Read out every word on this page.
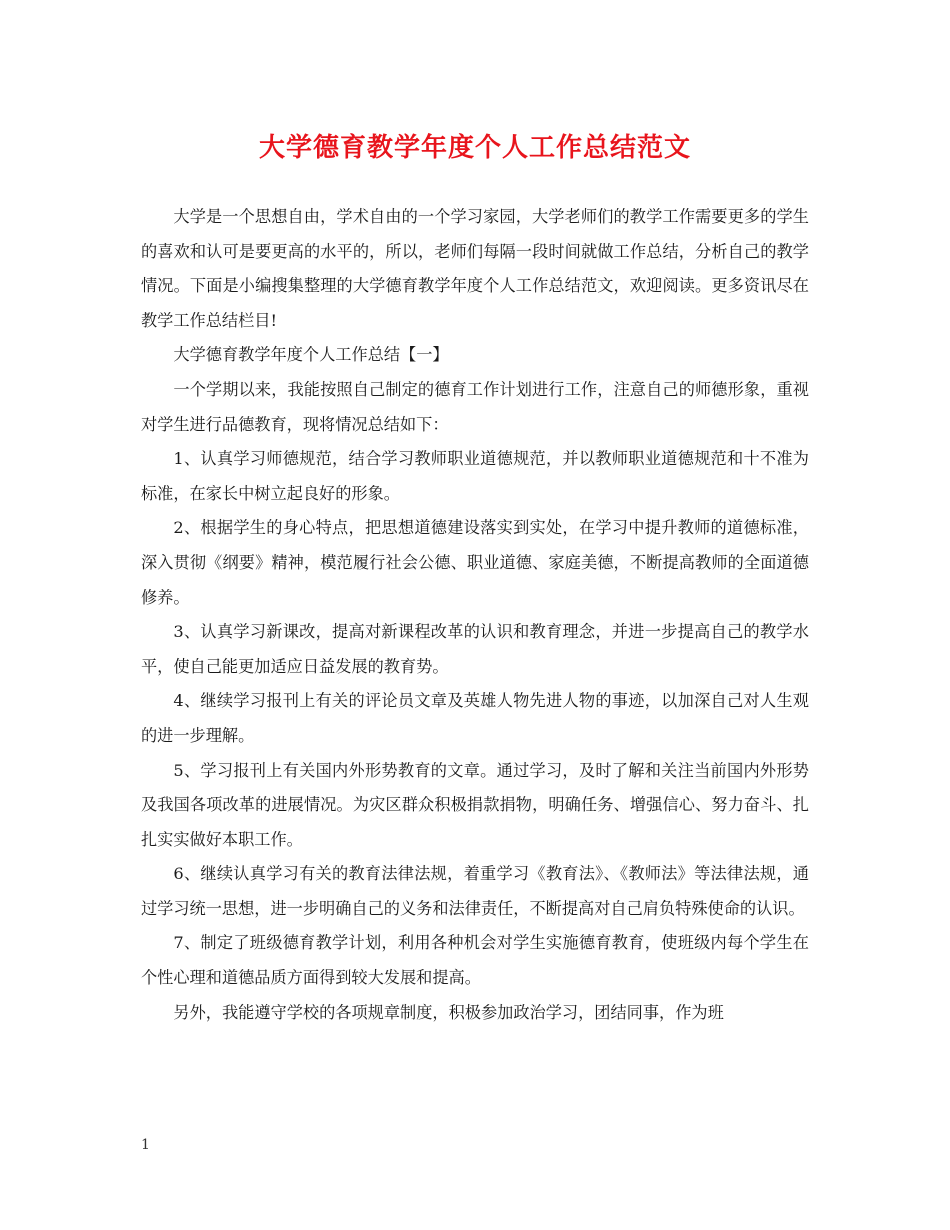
大学德育教学年度个人工作总结范文

大学是一个思想自由，学术自由的一个学习家园，大学老师们的教学工作需要更多的学生的喜欢和认可是要更高的水平的，所以，老师们每隔一段时间就做工作总结，分析自己的教学情况。下面是小编搜集整理的大学德育教学年度个人工作总结范文，欢迎阅读。更多资讯尽在教学工作总结栏目!

大学德育教学年度个人工作总结【一】

一个学期以来，我能按照自己制定的德育工作计划进行工作，注意自己的师德形象，重视对学生进行品德教育，现将情况总结如下：

1、认真学习师德规范，结合学习教师职业道德规范，并以教师职业道德规范和十不准为标准，在家长中树立起良好的形象。

2、根据学生的身心特点，把思想道德建设落实到实处，在学习中提升教师的道德标准，深入贯彻《纲要》精神，模范履行社会公德、职业道德、家庭美德，不断提高教师的全面道德修养。

3、认真学习新课改，提高对新课程改革的认识和教育理念，并进一步提高自己的教学水平，使自己能更加适应日益发展的教育势。

4、继续学习报刊上有关的评论员文章及英雄人物先进人物的事迹，以加深自己对人生观的进一步理解。

5、学习报刊上有关国内外形势教育的文章。通过学习，及时了解和关注当前国内外形势及我国各项改革的进展情况。为灾区群众积极捐款捐物，明确任务、增强信心、努力奋斗、扎扎实实做好本职工作。

6、继续认真学习有关的教育法律法规，着重学习《教育法》、《教师法》等法律法规，通过学习统一思想，进一步明确自己的义务和法律责任，不断提高对自己肩负特殊使命的认识。

7、制定了班级德育教学计划，利用各种机会对学生实施德育教育，使班级内每个学生在个性心理和道德品质方面得到较大发展和提高。

另外，我能遵守学校的各项规章制度，积极参加政治学习，团结同事，作为班

1
